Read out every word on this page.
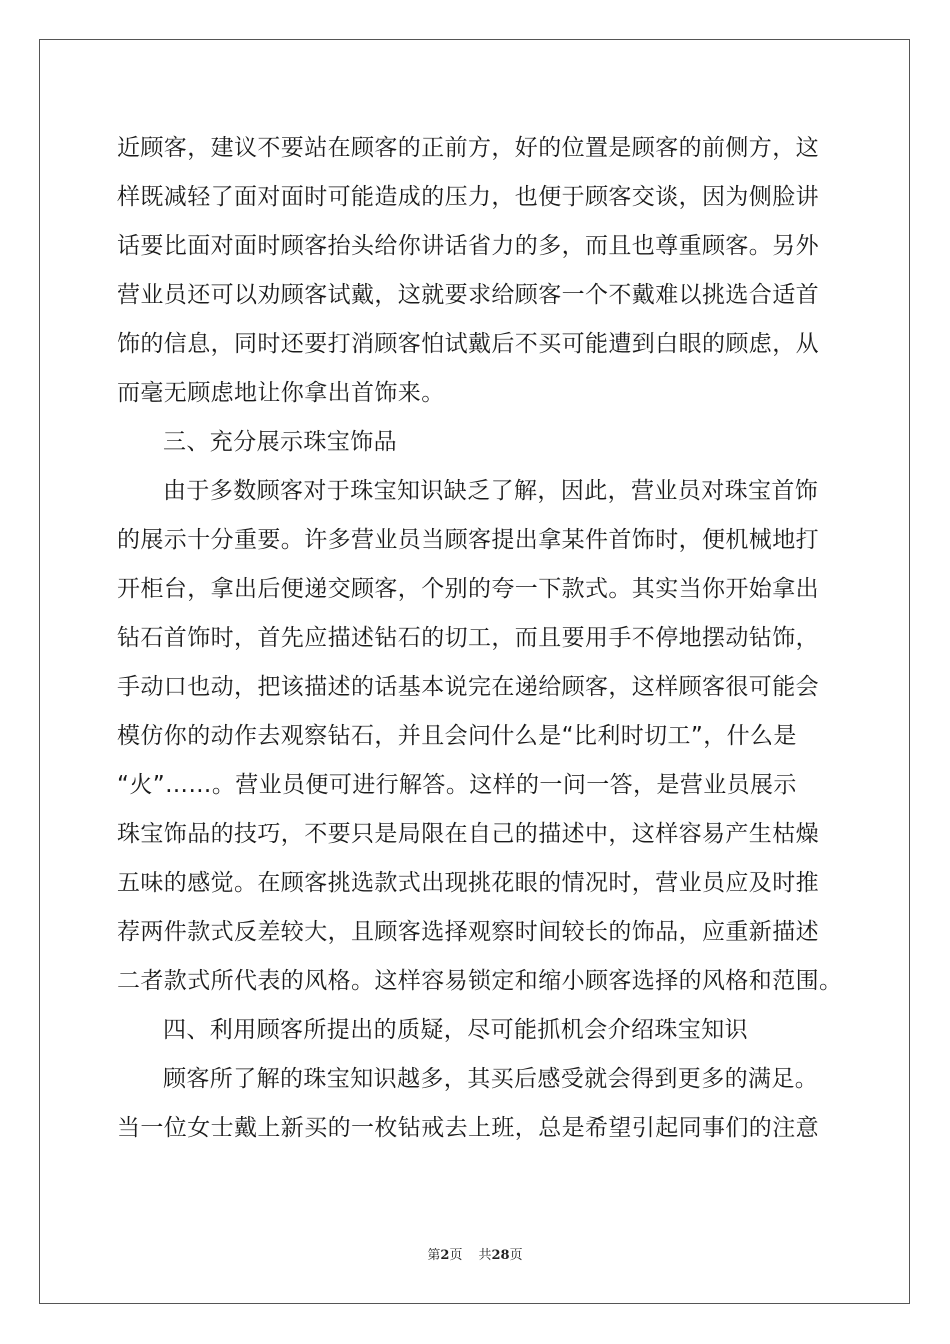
近顾客，建议不要站在顾客的正前方，好的位置是顾客的前侧方，这
样既减轻了面对面时可能造成的压力，也便于顾客交谈，因为侧脸讲
话要比面对面时顾客抬头给你讲话省力的多，而且也尊重顾客。另外
营业员还可以劝顾客试戴，这就要求给顾客一个不戴难以挑选合适首
饰的信息，同时还要打消顾客怕试戴后不买可能遭到白眼的顾虑，从
而毫无顾虑地让你拿出首饰来。
三、充分展示珠宝饰品
由于多数顾客对于珠宝知识缺乏了解，因此，营业员对珠宝首饰
的展示十分重要。许多营业员当顾客提出拿某件首饰时，便机械地打
开柜台，拿出后便递交顾客，个别的夸一下款式。其实当你开始拿出
钻石首饰时，首先应描述钻石的切工，而且要用手不停地摆动钻饰，
手动口也动，把该描述的话基本说完在递给顾客，这样顾客很可能会
模仿你的动作去观察钻石，并且会问什么是“比利时切工”，什么是
“火”……。营业员便可进行解答。这样的一问一答，是营业员展示
珠宝饰品的技巧，不要只是局限在自己的描述中，这样容易产生枯燥
五味的感觉。在顾客挑选款式出现挑花眼的情况时，营业员应及时推
荐两件款式反差较大，且顾客选择观察时间较长的饰品，应重新描述
二者款式所代表的风格。这样容易锁定和缩小顾客选择的风格和范围。
四、利用顾客所提出的质疑，尽可能抓机会介绍珠宝知识
顾客所了解的珠宝知识越多，其买后感受就会得到更多的满足。
当一位女士戴上新买的一枚钻戒去上班，总是希望引起同事们的注意
第2页 共28页
